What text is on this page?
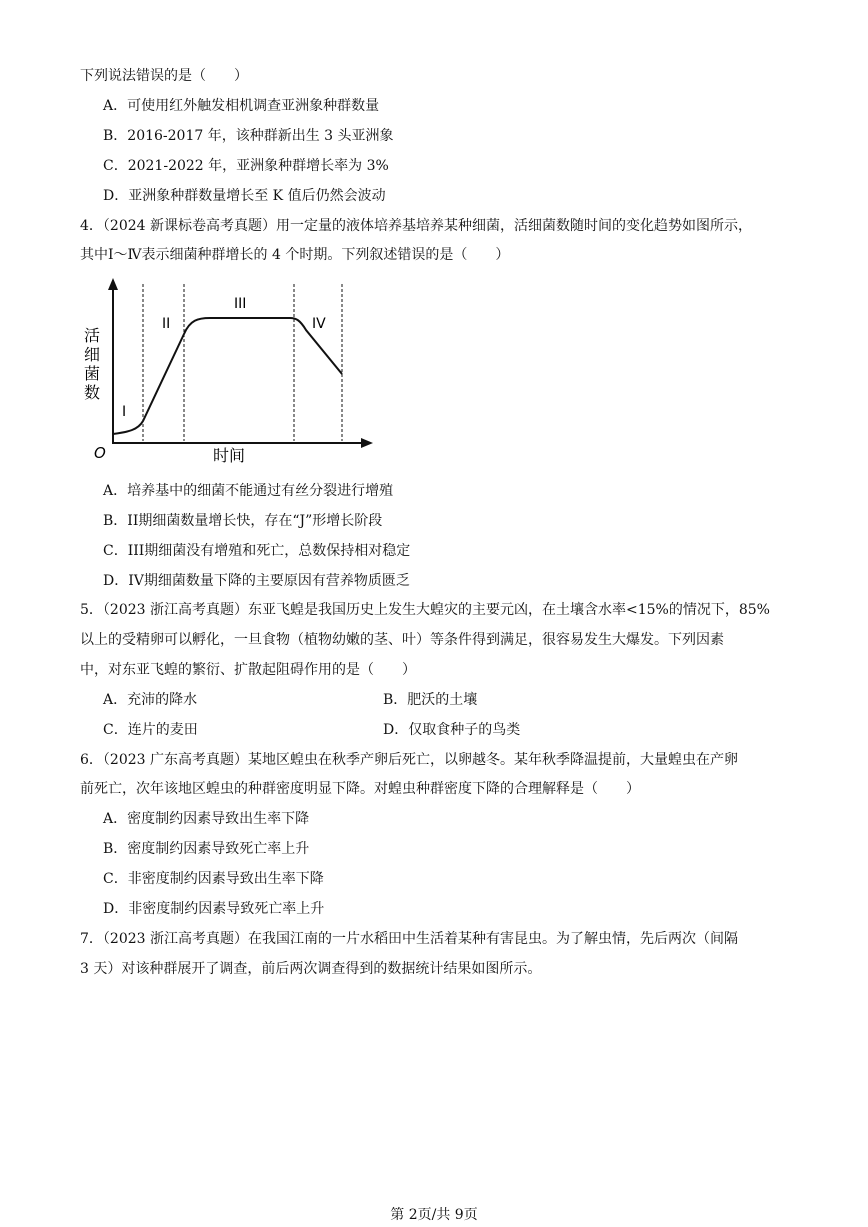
下列说法错误的是（　　）
A．可使用红外触发相机调查亚洲象种群数量
B．2016-2017 年，该种群新出生 3 头亚洲象
C．2021-2022 年，亚洲象种群增长率为 3%
D．亚洲象种群数量增长至 K 值后仍然会波动
4．（2024 新课标卷高考真题）用一定量的液体培养基培养某种细菌，活细菌数随时间的变化趋势如图所示，
其中Ⅰ～Ⅳ表示细菌种群增长的 4 个时期。下列叙述错误的是（　　）
O
I
II
III
IV
时间
活
细
菌
数
A．培养基中的细菌不能通过有丝分裂进行增殖
B．II期细菌数量增长快，存在“J”形增长阶段
C．III期细菌没有增殖和死亡，总数保持相对稳定
D．IV期细菌数量下降的主要原因有营养物质匮乏
5．（2023 浙江高考真题）东亚飞蝗是我国历史上发生大蝗灾的主要元凶，在土壤含水率<15%的情况下，85%
以上的受精卵可以孵化，一旦食物（植物幼嫩的茎、叶）等条件得到满足，很容易发生大爆发。下列因素
中，对东亚飞蝗的繁衍、扩散起阻碍作用的是（　　）
A．充沛的降水	B．肥沃的土壤
C．连片的麦田	D．仅取食种子的鸟类
6．（2023 广东高考真题）某地区蝗虫在秋季产卵后死亡，以卵越冬。某年秋季降温提前，大量蝗虫在产卵
前死亡，次年该地区蝗虫的种群密度明显下降。对蝗虫种群密度下降的合理解释是（　　）
A．密度制约因素导致出生率下降
B．密度制约因素导致死亡率上升
C．非密度制约因素导致出生率下降
D．非密度制约因素导致死亡率上升
7．（2023 浙江高考真题）在我国江南的一片水稻田中生活着某种有害昆虫。为了解虫情，先后两次（间隔
3 天）对该种群展开了调查，前后两次调查得到的数据统计结果如图所示。
第 2页/共 9页
